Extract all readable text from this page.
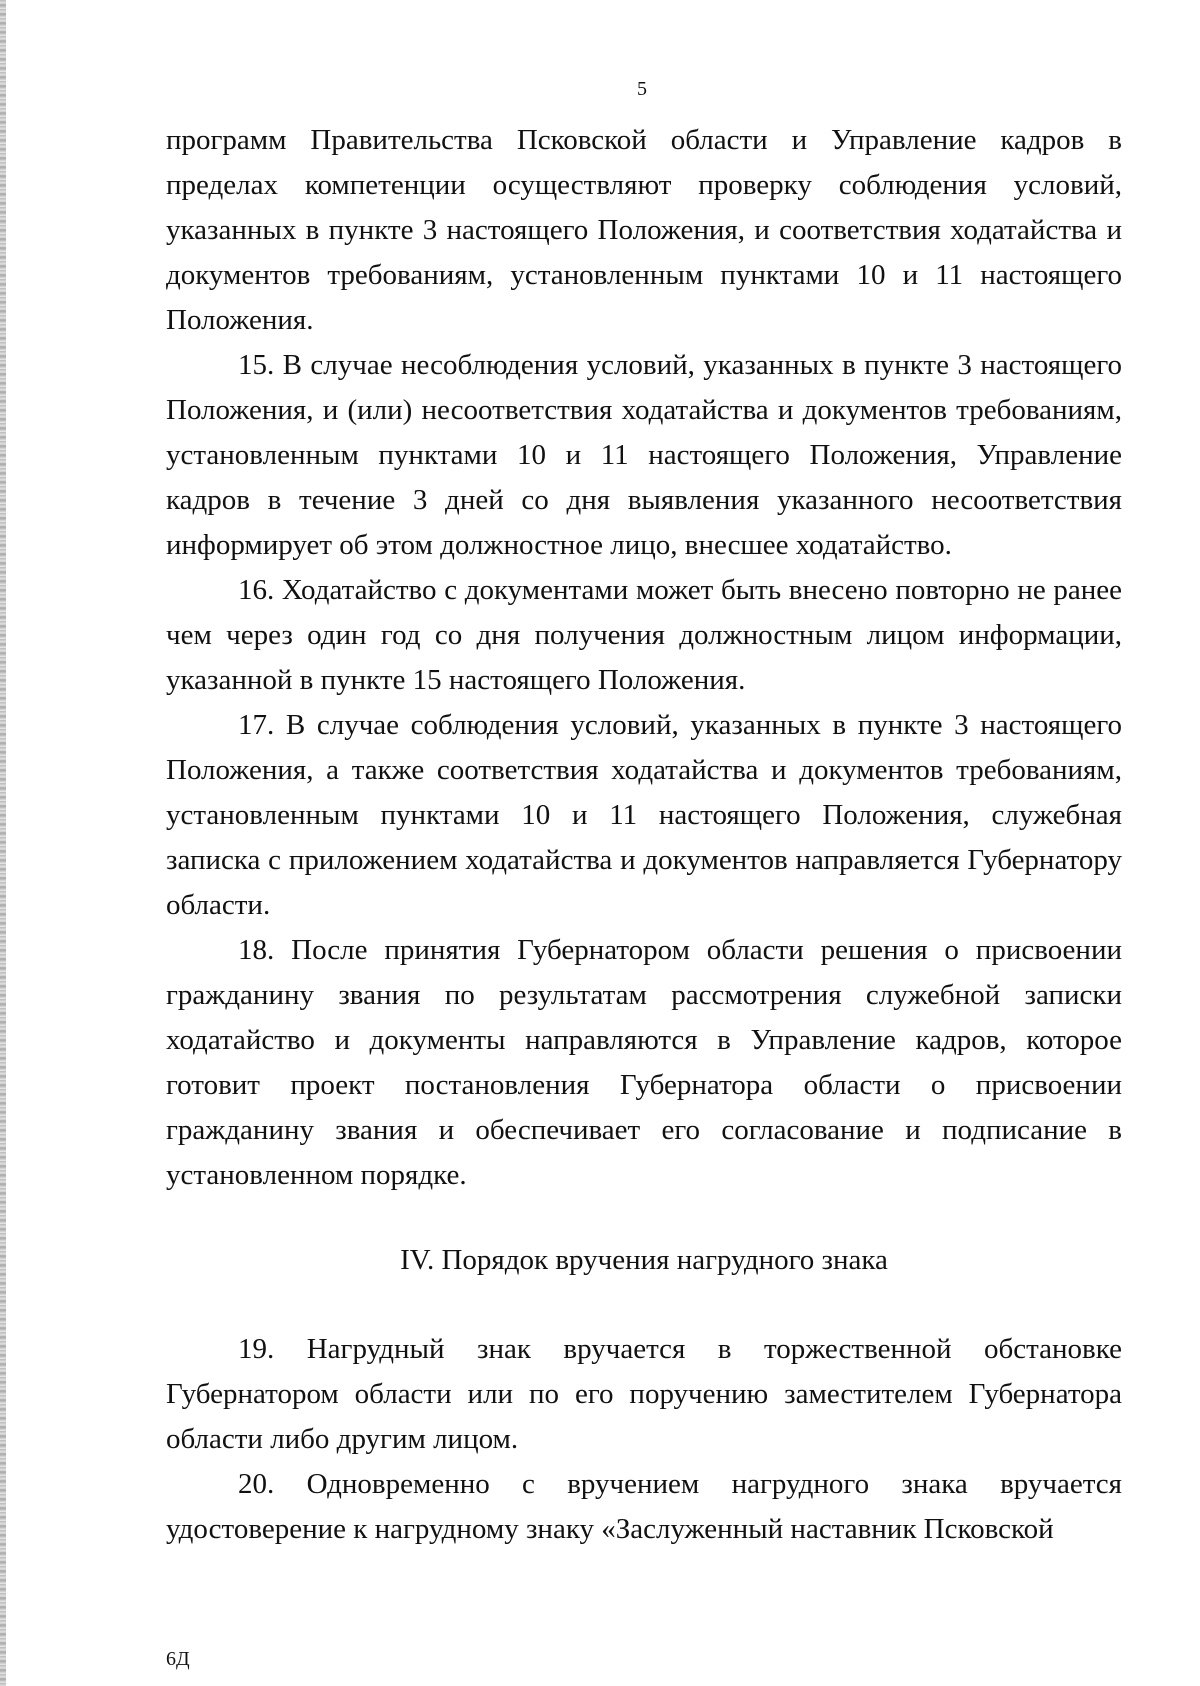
5

программ Правительства Псковской области и Управление кадров в пределах компетенции осуществляют проверку соблюдения условий, указанных в пункте 3 настоящего Положения, и соответствия ходатайства и документов требованиям, установленным пунктами 10 и 11 настоящего Положения.

15. В случае несоблюдения условий, указанных в пункте 3 настоящего Положения, и (или) несоответствия ходатайства и документов требованиям, установленным пунктами 10 и 11 настоящего Положения, Управление кадров в течение 3 дней со дня выявления указанного несоответствия информирует об этом должностное лицо, внесшее ходатайство.

16. Ходатайство с документами может быть внесено повторно не ранее чем через один год со дня получения должностным лицом информации, указанной в пункте 15 настоящего Положения.

17. В случае соблюдения условий, указанных в пункте 3 настоящего Положения, а также соответствия ходатайства и документов требованиям, установленным пунктами 10 и 11 настоящего Положения, служебная записка с приложением ходатайства и документов направляется Губернатору области.

18. После принятия Губернатором области решения о присвоении гражданину звания по результатам рассмотрения служебной записки ходатайство и документы направляются в Управление кадров, которое готовит проект постановления Губернатора области о присвоении гражданину звания и обеспечивает его согласование и подписание в установленном порядке.

IV. Порядок вручения нагрудного знака

19. Нагрудный знак вручается в торжественной обстановке Губернатором области или по его поручению заместителем Губернатора области либо другим лицом.

20. Одновременно с вручением нагрудного знака вручается удостоверение к нагрудному знаку «Заслуженный наставник Псковской

6Д
